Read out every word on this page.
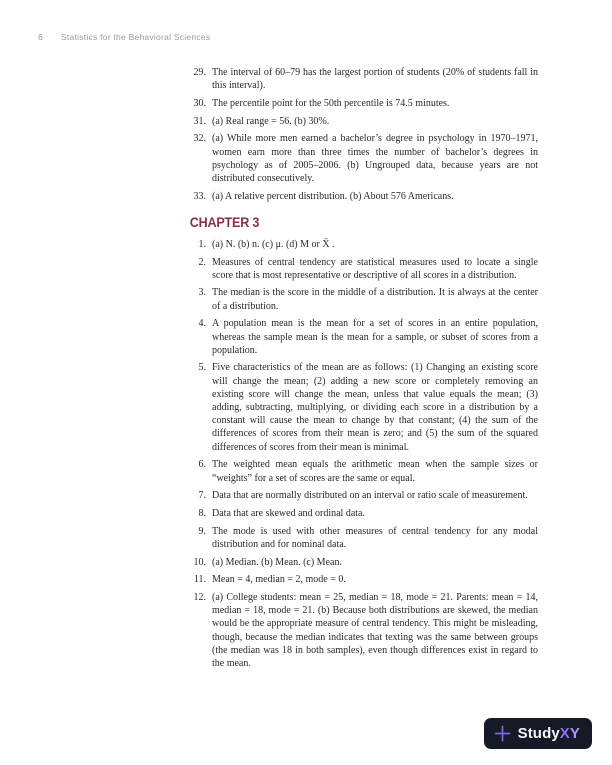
6 Statistics for the Behavioral Sciences
29. The interval of 60–79 has the largest portion of students (20% of students fall in this interval).
30. The percentile point for the 50th percentile is 74.5 minutes.
31. (a) Real range = 56. (b) 30%.
32. (a) While more men earned a bachelor’s degree in psychology in 1970–1971, women earn more than three times the number of bachelor’s degrees in psychology as of 2005–2006. (b) Ungrouped data, because years are not distributed consecutively.
33. (a) A relative percent distribution. (b) About 576 Americans.
CHAPTER 3
1. (a) N. (b) n. (c) μ. (d) M or X̄ .
2. Measures of central tendency are statistical measures used to locate a single score that is most representative or descriptive of all scores in a distribution.
3. The median is the score in the middle of a distribution. It is always at the center of a distribution.
4. A population mean is the mean for a set of scores in an entire population, whereas the sample mean is the mean for a sample, or subset of scores from a population.
5. Five characteristics of the mean are as follows: (1) Changing an existing score will change the mean; (2) adding a new score or completely removing an existing score will change the mean, unless that value equals the mean; (3) adding, subtracting, multiplying, or dividing each score in a distribution by a constant will cause the mean to change by that constant; (4) the sum of the differences of scores from their mean is zero; and (5) the sum of the squared differences of scores from their mean is minimal.
6. The weighted mean equals the arithmetic mean when the sample sizes or “weights” for a set of scores are the same or equal.
7. Data that are normally distributed on an interval or ratio scale of measurement.
8. Data that are skewed and ordinal data.
9. The mode is used with other measures of central tendency for any modal distribution and for nominal data.
10. (a) Median. (b) Mean. (c) Mean.
11. Mean = 4, median = 2, mode = 0.
12. (a) College students: mean = 25, median = 18, mode = 21. Parents: mean = 14, median = 18, mode = 21. (b) Because both distributions are skewed, the median would be the appropriate measure of central tendency. This might be misleading, though, because the median indicates that texting was the same between groups (the median was 18 in both samples), even though differences exist in regard to the mean.
StudyXY
